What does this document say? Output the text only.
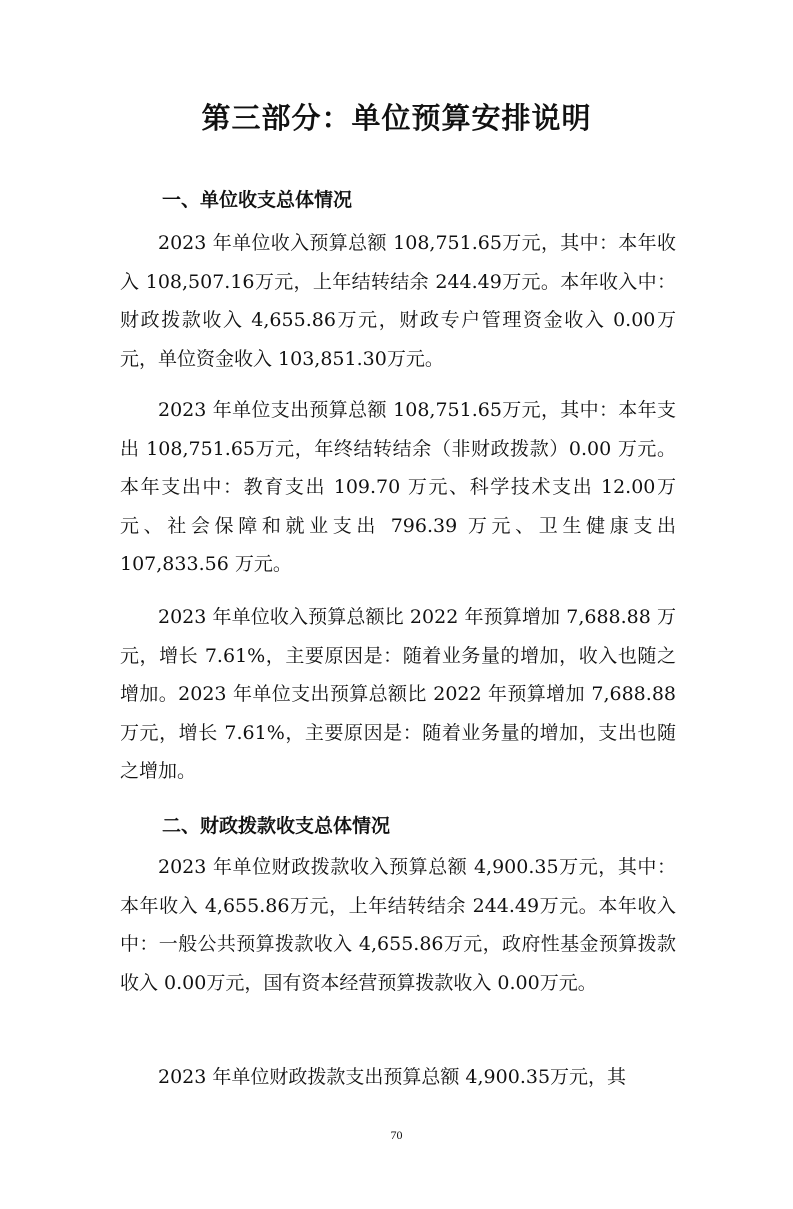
第三部分：单位预算安排说明
一、单位收支总体情况

2023 年单位收入预算总额 108,751.65万元，其中：本年收入 108,507.16万元，上年结转结余 244.49万元。本年收入中：财政拨款收入 4,655.86万元，财政专户管理资金收入 0.00万元，单位资金收入 103,851.30万元。

2023 年单位支出预算总额 108,751.65万元，其中：本年支出 108,751.65万元，年终结转结余（非财政拨款）0.00 万元。本年支出中：教育支出 109.70 万元、科学技术支出 12.00万元、社会保障和就业支出 796.39 万元、卫生健康支出 107,833.56 万元。

2023 年单位收入预算总额比 2022 年预算增加 7,688.88 万元，增长 7.61%，主要原因是：随着业务量的增加，收入也随之增加。2023 年单位支出预算总额比 2022 年预算增加 7,688.88 万元，增长 7.61%，主要原因是：随着业务量的增加，支出也随之增加。

二、财政拨款收支总体情况

2023 年单位财政拨款收入预算总额 4,900.35万元，其中：本年收入 4,655.86万元，上年结转结余 244.49万元。本年收入中：一般公共预算拨款收入 4,655.86万元，政府性基金预算拨款收入 0.00万元，国有资本经营预算拨款收入 0.00万元。

2023 年单位财政拨款支出预算总额 4,900.35万元，其

70
